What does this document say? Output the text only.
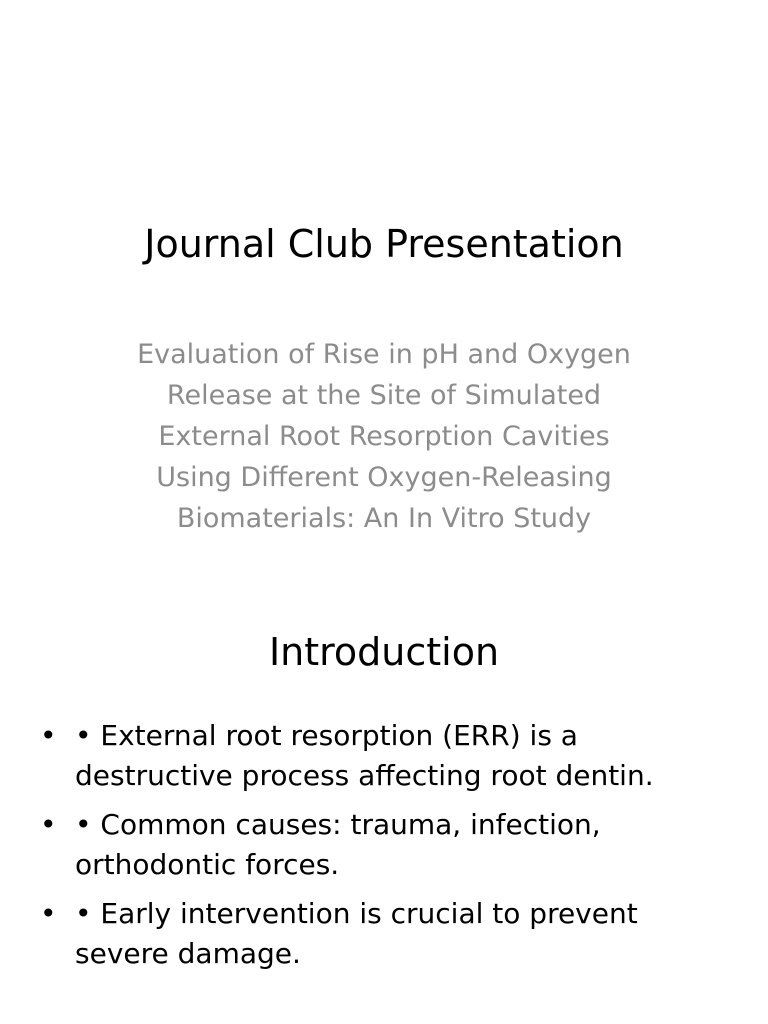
Journal Club Presentation
Evaluation of Rise in pH and Oxygen
Release at the Site of Simulated
External Root Resorption Cavities
Using Different Oxygen-Releasing
Biomaterials: An In Vitro Study
Introduction
• • External root resorption (ERR) is a
destructive process affecting root dentin.
• • Common causes: trauma, infection,
orthodontic forces.
• • Early intervention is crucial to prevent
severe damage.
